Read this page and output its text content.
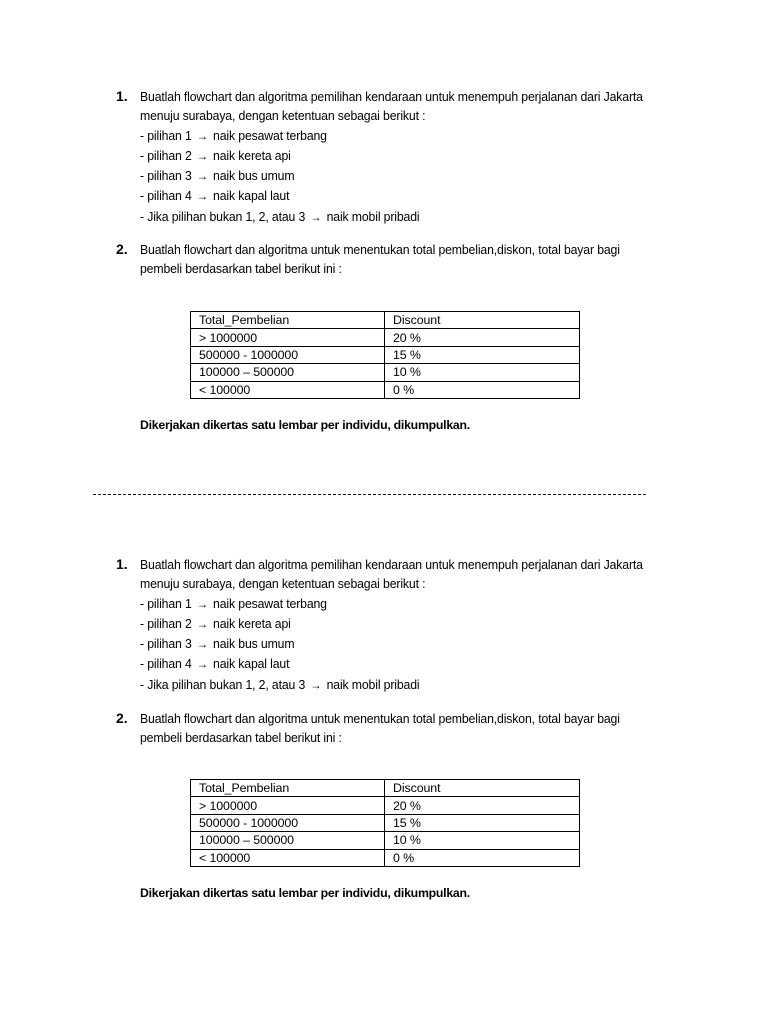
1. Buatlah flowchart dan algoritma pemilihan kendaraan untuk menempuh perjalanan dari Jakarta
menuju surabaya, dengan ketentuan sebagai berikut :
- pilihan 1 → naik pesawat terbang
- pilihan 2 → naik kereta api
- pilihan 3 → naik bus umum
- pilihan 4 → naik kapal laut
- Jika pilihan bukan 1, 2, atau 3 → naik mobil pribadi
2. Buatlah flowchart dan algoritma untuk menentukan total pembelian,diskon, total bayar bagi
pembeli berdasarkan tabel berikut ini :
Total_Pembelian	Discount
> 1000000	20 %
500000 - 1000000	15 %
100000 – 500000	10 %
< 100000	0 %
Dikerjakan dikertas satu lembar per individu, dikumpulkan.
1. Buatlah flowchart dan algoritma pemilihan kendaraan untuk menempuh perjalanan dari Jakarta
menuju surabaya, dengan ketentuan sebagai berikut :
- pilihan 1 → naik pesawat terbang
- pilihan 2 → naik kereta api
- pilihan 3 → naik bus umum
- pilihan 4 → naik kapal laut
- Jika pilihan bukan 1, 2, atau 3 → naik mobil pribadi
2. Buatlah flowchart dan algoritma untuk menentukan total pembelian,diskon, total bayar bagi
pembeli berdasarkan tabel berikut ini :
Total_Pembelian	Discount
> 1000000	20 %
500000 - 1000000	15 %
100000 – 500000	10 %
< 100000	0 %
Dikerjakan dikertas satu lembar per individu, dikumpulkan.
